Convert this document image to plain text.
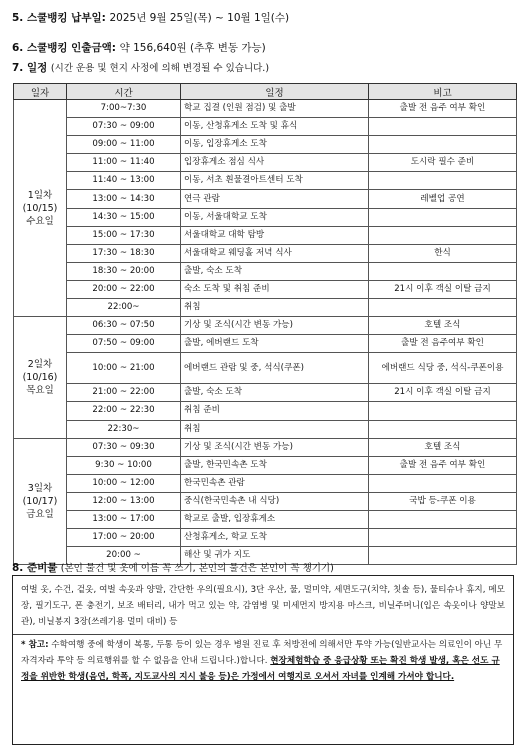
5. 스쿨뱅킹 납부일: 2025년 9월 25일(목) ~ 10월 1일(수)
6. 스쿨뱅킹 인출금액: 약 156,640원 (추후 변동 가능)
7. 일정 (시간 운용 및 현지 사정에 의해 변경될 수 있습니다.)
일자	시간	일정	비고
1일차 (10/15) 수요일	7:00~7:30	학교 집결 (인원 점검) 및 출발	출발 전 음주 여부 확인
	07:30 ~ 09:00	이동, 산청휴게소 도착 및 휴식	
	09:00 ~ 11:00	이동, 입장휴게소 도착	
	11:00 ~ 11:40	입장휴게소 점심 식사	도시락 필수 준비
	11:40 ~ 13:00	이동, 서초 흰물결아트센터 도착	
	13:00 ~ 14:30	연극 관람	레벨업 공연
	14:30 ~ 15:00	이동, 서울대학교 도착	
	15:00 ~ 17:30	서울대학교 대학 탐방	
	17:30 ~ 18:30	서울대학교 웨딩홀 저녁 식사	한식
	18:30 ~ 20:00	출발, 숙소 도착	
	20:00 ~ 22:00	숙소 도착 및 취침 준비	21시 이후 객실 이탈 금지
	22:00~	취침	
2일차 (10/16) 목요일	06:30 ~ 07:50	기상 및 조식(시간 변동 가능)	호텔 조식
	07:50 ~ 09:00	출발, 에버랜드 도착	출발 전 음주여부 확인
	10:00 ~ 21:00	에버랜드 관람 및 중, 석식(쿠폰)	에버랜드 식당 중, 석식-쿠폰이용
	21:00 ~ 22:00	출발, 숙소 도착	21시 이후 객실 이탈 금지
	22:00 ~ 22:30	취침 준비	
	22:30~	취침	
3일차 (10/17) 금요일	07:30 ~ 09:30	기상 및 조식(시간 변동 가능)	호텔 조식
	9:30 ~ 10:00	출발, 한국민속촌 도착	출발 전 음주 여부 확인
	10:00 ~ 12:00	한국민속촌 관람	
	12:00 ~ 13:00	중식(한국민속촌 내 식당)	국밥 등-쿠폰 이용
	13:00 ~ 17:00	학교로 출발, 입장휴게소	
	17:00 ~ 20:00	산청휴게소, 학교 도착	
	20:00 ~	해산 및 귀가 지도	
8. 준비물 (본인 물건 및 옷에 이름 꼭 쓰기, 본인의 물건은 본인이 꼭 챙기기)
여벌 옷, 수건, 겉옷, 여벌 속옷과 양말, 간단한 우의(필요시), 3단 우산, 물, 멀미약, 세면도구(치약, 칫솔 등), 물티슈나 휴지, 메모장, 필기도구, 폰 충전기, 보조 배터리, 내가 먹고 있는 약, 감염병 및 미세먼지 방지용 마스크, 비닐주머니(입은 속옷이나 양말보관), 비닐봉지 3장(쓰레기용 멀미 대비) 등
* 참고: 수학여행 중에 학생이 복통, 두통 등이 있는 경우 병원 진료 후 처방전에 의해서만 투약 가능(일반교사는 의료인이 아닌 무자격자라 투약 등 의료행위를 할 수 없음을 안내 드립니다.)합니다. 현장체험학습 중 응급상황 또는 확진 학생 발생, 혹은 선도 규정을 위반한 학생(음연, 학폭, 지도교사의 지시 불응 등)은 가정에서 여행지로 오셔서 자녀를 인계해 가셔야 합니다.
